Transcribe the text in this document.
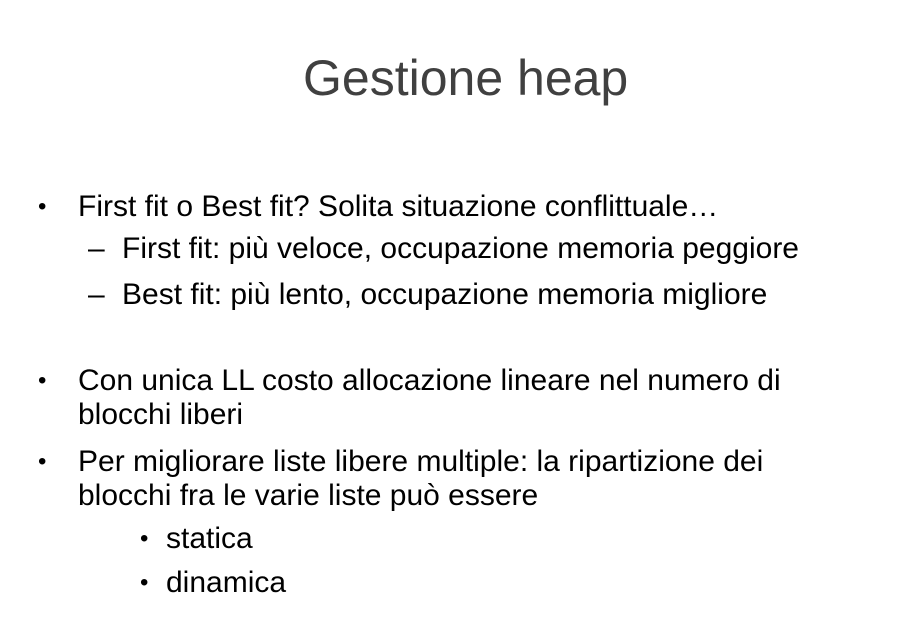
Gestione heap
• First fit o Best fit? Solita situazione conflittuale…
– First fit: più veloce, occupazione memoria peggiore
– Best fit: più lento, occupazione memoria migliore
• Con unica LL costo allocazione lineare nel numero di
blocchi liberi
• Per migliorare liste libere multiple: la ripartizione dei
blocchi fra le varie liste può essere
• statica
• dinamica
